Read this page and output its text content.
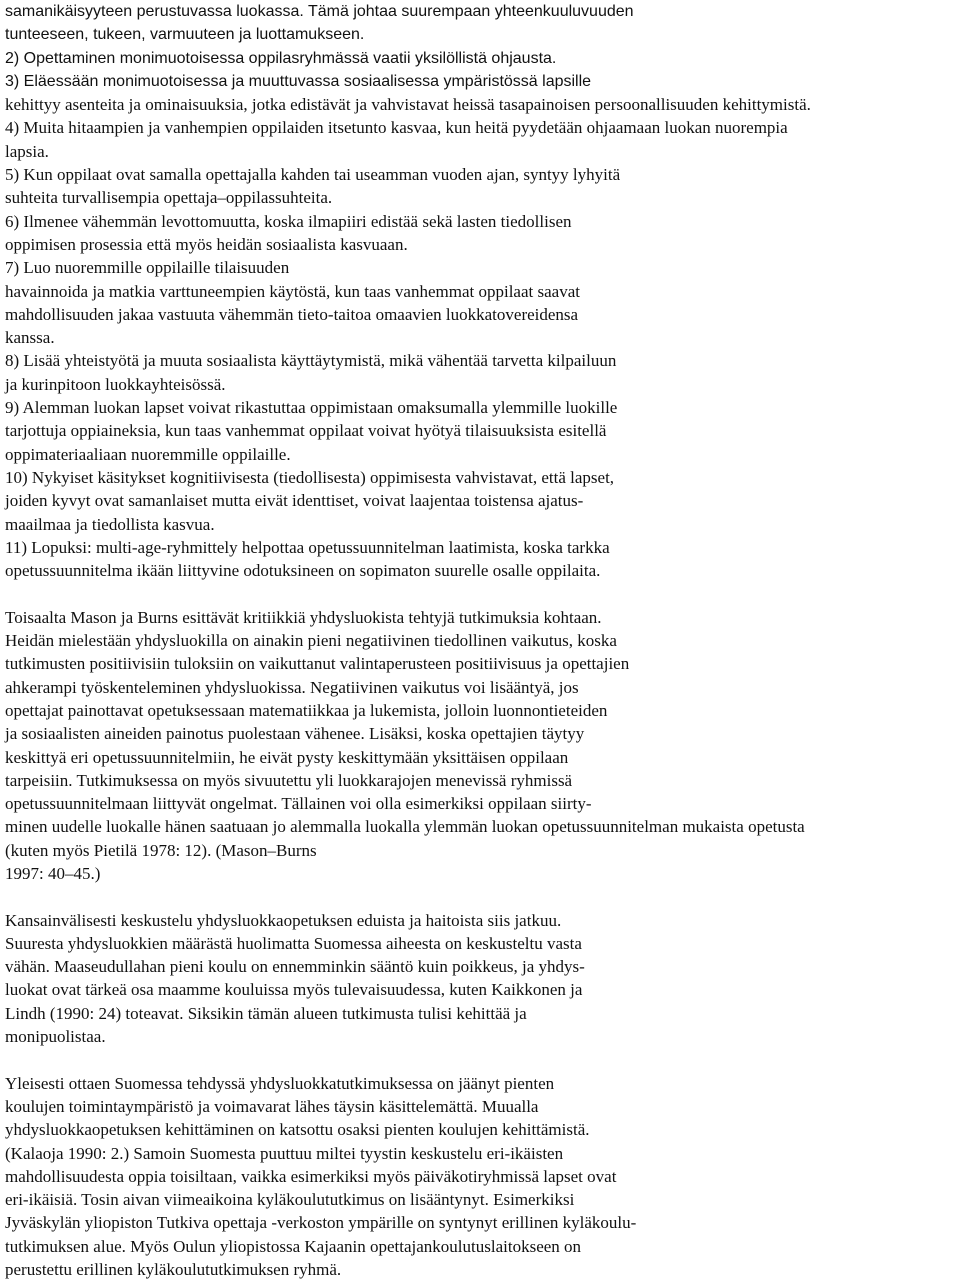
samanikäisyyteen perustuvassa luokassa. Tämä johtaa suurempaan yhteenkuuluvuuden
tunteeseen, tukeen, varmuuteen ja luottamukseen.
2) Opettaminen monimuotoisessa oppilasryhmässä vaatii yksilöllistä ohjausta.
3) Eläessään monimuotoisessa ja muuttuvassa sosiaalisessa ympäristössä lapsille
kehittyy asenteita ja ominaisuuksia, jotka edistävät ja vahvistavat heissä tasapainoisen persoonallisuuden kehittymistä.
4) Muita hitaampien ja vanhempien oppilaiden itsetunto kasvaa, kun heitä pyydetään ohjaamaan luokan nuorempia
lapsia.
5) Kun oppilaat ovat samalla opettajalla kahden tai useamman vuoden ajan, syntyy lyhyitä
suhteita turvallisempia opettaja–oppilassuhteita.
6) Ilmenee vähemmän levottomuutta, koska ilmapiiri edistää sekä lasten tiedollisen
oppimisen prosessia että myös heidän sosiaalista kasvuaan.
7) Luo nuoremmille oppilaille tilaisuuden
havainnoida ja matkia varttuneempien käytöstä, kun taas vanhemmat oppilaat saavat
mahdollisuuden jakaa vastuuta vähemmän tieto-taitoa omaavien luokkatovereidensa
kanssa.
8) Lisää yhteistyötä ja muuta sosiaalista käyttäytymistä, mikä vähentää tarvetta kilpailuun
ja kurinpitoon luokkayhteisössä.
9) Alemman luokan lapset voivat rikastuttaa oppimistaan omaksumalla ylemmille luokille
tarjottuja oppiaineksia, kun taas vanhemmat oppilaat voivat hyötyä tilaisuuksista esitellä
oppimateriaaliaan nuoremmille oppilaille.
10) Nykyiset käsitykset kognitiivisesta (tiedollisesta) oppimisesta vahvistavat, että lapset,
joiden kyvyt ovat samanlaiset mutta eivät identtiset, voivat laajentaa toistensa ajatus-
maailmaa ja tiedollista kasvua.
11) Lopuksi: multi-age-ryhmittely helpottaa opetussuunnitelman laatimista, koska tarkka
opetussuunnitelma ikään liittyvine odotuksineen on sopimaton suurelle osalle oppilaita.
Toisaalta Mason ja Burns esittävät kritiikkiä yhdysluokista tehtyjä tutkimuksia kohtaan.
Heidän mielestään yhdysluokilla on ainakin pieni negatiivinen tiedollinen vaikutus, koska
tutkimusten positiivisiin tuloksiin on vaikuttanut valintaperusteen positiivisuus ja opettajien
ahkerampi työskenteleminen yhdysluokissa. Negatiivinen vaikutus voi lisääntyä, jos
opettajat painottavat opetuksessaan matematiikkaa ja lukemista, jolloin luonnontieteiden
ja sosiaalisten aineiden painotus puolestaan vähenee. Lisäksi, koska opettajien täytyy
keskittyä eri opetussuunnitelmiin, he eivät pysty keskittymään yksittäisen oppilaan
tarpeisiin. Tutkimuksessa on myös sivuutettu yli luokkarajojen menevissä ryhmissä
opetussuunnitelmaan liittyvät ongelmat. Tällainen voi olla esimerkiksi oppilaan siirty-
minen uudelle luokalle hänen saatuaan jo alemmalla luokalla ylemmän luokan opetussuunnitelman mukaista opetusta
(kuten myös Pietilä 1978: 12). (Mason–Burns
1997: 40–45.)
Kansainvälisesti keskustelu yhdysluokkaopetuksen eduista ja haitoista siis jatkuu.
Suuresta yhdysluokkien määrästä huolimatta Suomessa aiheesta on keskusteltu vasta
vähän. Maaseudullahan pieni koulu on ennemminkin sääntö kuin poikkeus, ja yhdys-
luokat ovat tärkeä osa maamme kouluissa myös tulevaisuudessa, kuten Kaikkonen ja
Lindh (1990: 24) toteavat. Siksikin tämän alueen tutkimusta tulisi kehittää ja
monipuolistaa.
Yleisesti ottaen Suomessa tehdyssä yhdysluokkatutkimuksessa on jäänyt pienten
koulujen toimintaympäristö ja voimavarat lähes täysin käsittelemättä. Muualla
yhdysluokkaopetuksen kehittäminen on katsottu osaksi pienten koulujen kehittämistä.
(Kalaoja 1990: 2.) Samoin Suomesta puuttuu miltei tyystin keskustelu eri-ikäisten
mahdollisuudesta oppia toisiltaan, vaikka esimerkiksi myös päiväkotiryhmissä lapset ovat
eri-ikäisiä. Tosin aivan viimeaikoina kyläkoulututkimus on lisääntynyt. Esimerkiksi
Jyväskylän yliopiston Tutkiva opettaja -verkoston ympärille on syntynyt erillinen kyläkoulu-
tutkimuksen alue. Myös Oulun yliopistossa Kajaanin opettajankoulutuslaitokseen on
perustettu erillinen kyläkoulututkimuksen ryhmä.
